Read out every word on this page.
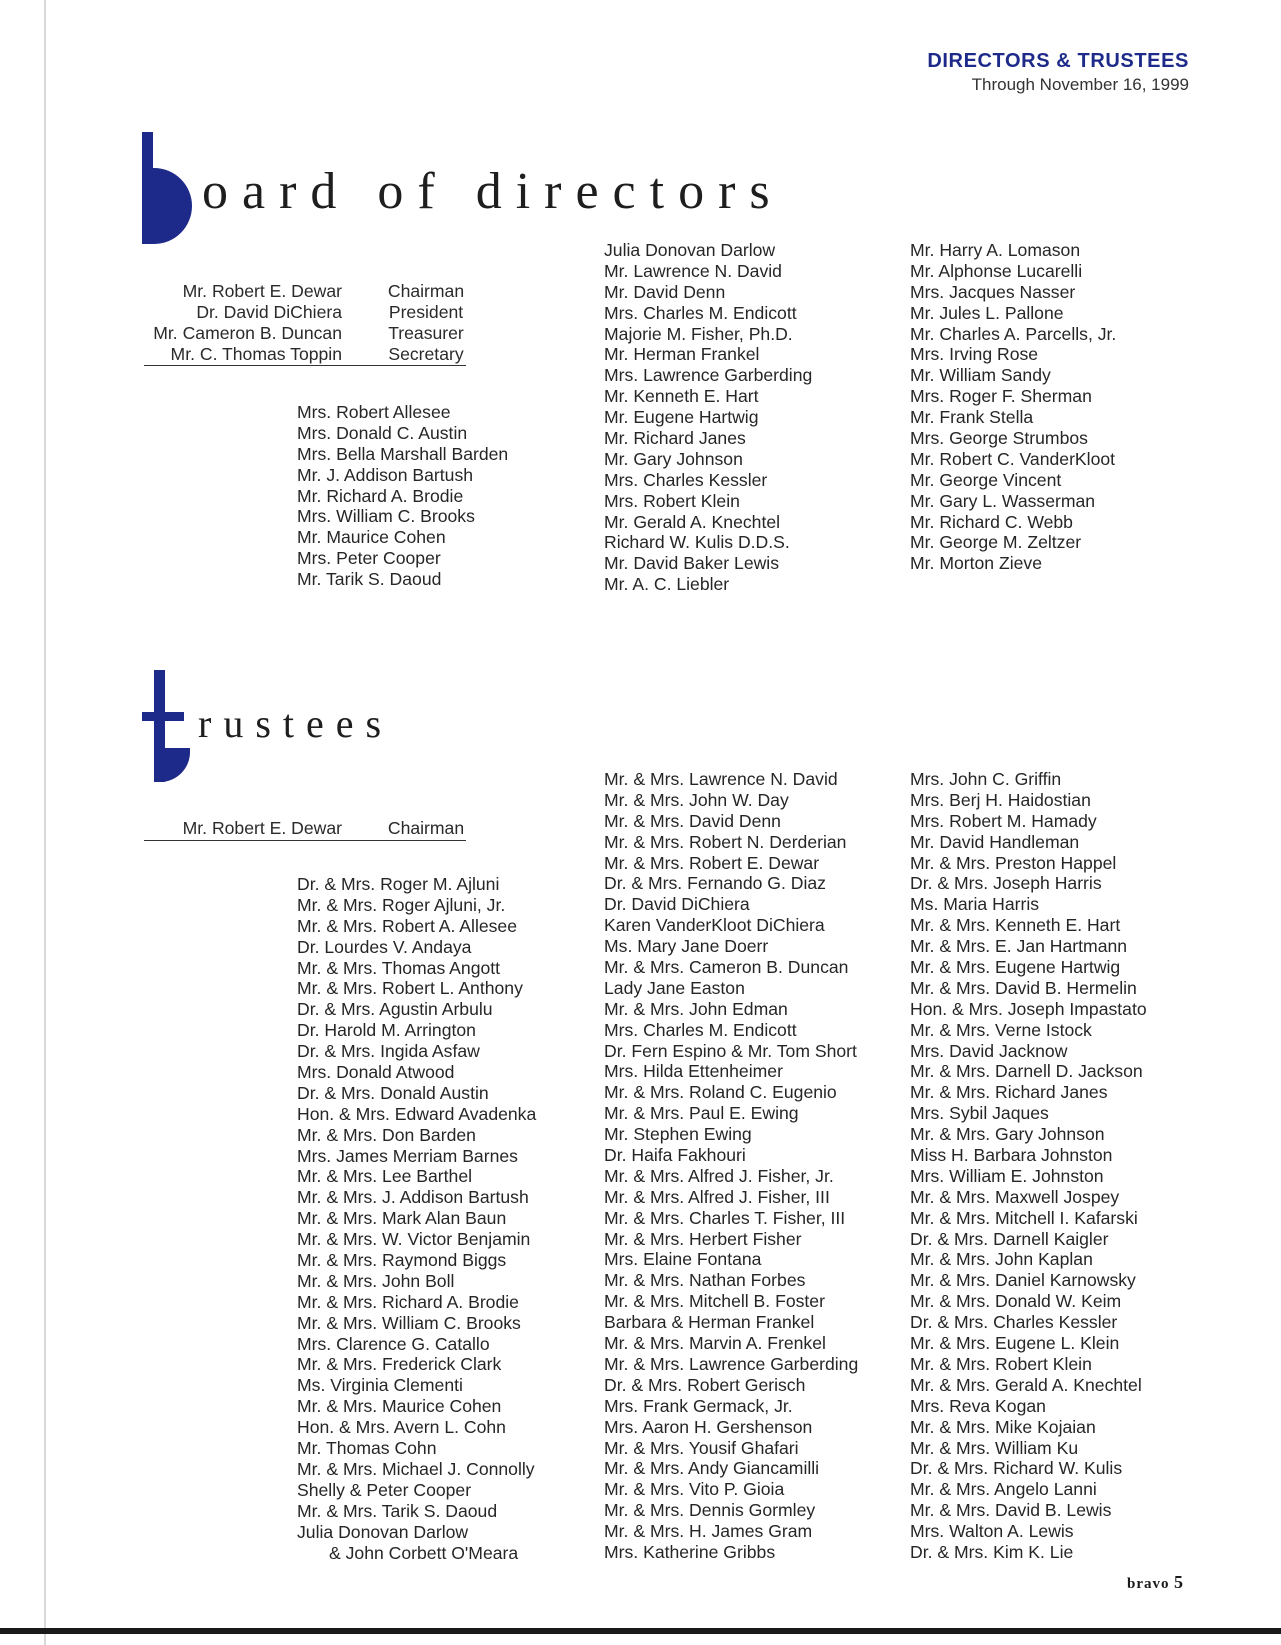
DIRECTORS & TRUSTEES
Through November 16, 1999
oard of directors
Mr. Robert E. Dewar	Chairman
Dr. David DiChiera	President
Mr. Cameron B. Duncan	Treasurer
Mr. C. Thomas Toppin	Secretary
Mrs. Robert Allesee
Mrs. Donald C. Austin
Mrs. Bella Marshall Barden
Mr. J. Addison Bartush
Mr. Richard A. Brodie
Mrs. William C. Brooks
Mr. Maurice Cohen
Mrs. Peter Cooper
Mr. Tarik S. Daoud
Julia Donovan Darlow
Mr. Lawrence N. David
Mr. David Denn
Mrs. Charles M. Endicott
Majorie M. Fisher, Ph.D.
Mr. Herman Frankel
Mrs. Lawrence Garberding
Mr. Kenneth E. Hart
Mr. Eugene Hartwig
Mr. Richard Janes
Mr. Gary Johnson
Mrs. Charles Kessler
Mrs. Robert Klein
Mr. Gerald A. Knechtel
Richard W. Kulis D.D.S.
Mr. David Baker Lewis
Mr. A. C. Liebler
Mr. Harry A. Lomason
Mr. Alphonse Lucarelli
Mrs. Jacques Nasser
Mr. Jules L. Pallone
Mr. Charles A. Parcells, Jr.
Mrs. Irving Rose
Mr. William Sandy
Mrs. Roger F. Sherman
Mr. Frank Stella
Mrs. George Strumbos
Mr. Robert C. VanderKloot
Mr. George Vincent
Mr. Gary L. Wasserman
Mr. Richard C. Webb
Mr. George M. Zeltzer
Mr. Morton Zieve
rustees
Mr. Robert E. Dewar	Chairman
Dr. & Mrs. Roger M. Ajluni
Mr. & Mrs. Roger Ajluni, Jr.
Mr. & Mrs. Robert A. Allesee
Dr. Lourdes V. Andaya
Mr. & Mrs. Thomas Angott
Mr. & Mrs. Robert L. Anthony
Dr. & Mrs. Agustin Arbulu
Dr. Harold M. Arrington
Dr. & Mrs. Ingida Asfaw
Mrs. Donald Atwood
Dr. & Mrs. Donald Austin
Hon. & Mrs. Edward Avadenka
Mr. & Mrs. Don Barden
Mrs. James Merriam Barnes
Mr. & Mrs. Lee Barthel
Mr. & Mrs. J. Addison Bartush
Mr. & Mrs. Mark Alan Baun
Mr. & Mrs. W. Victor Benjamin
Mr. & Mrs. Raymond Biggs
Mr. & Mrs. John Boll
Mr. & Mrs. Richard A. Brodie
Mr. & Mrs. William C. Brooks
Mrs. Clarence G. Catallo
Mr. & Mrs. Frederick Clark
Ms. Virginia Clementi
Mr. & Mrs. Maurice Cohen
Hon. & Mrs. Avern L. Cohn
Mr. Thomas Cohn
Mr. & Mrs. Michael J. Connolly
Shelly & Peter Cooper
Mr. & Mrs. Tarik S. Daoud
Julia Donovan Darlow
& John Corbett O'Meara
Mr. & Mrs. Lawrence N. David
Mr. & Mrs. John W. Day
Mr. & Mrs. David Denn
Mr. & Mrs. Robert N. Derderian
Mr. & Mrs. Robert E. Dewar
Dr. & Mrs. Fernando G. Diaz
Dr. David DiChiera
Karen VanderKloot DiChiera
Ms. Mary Jane Doerr
Mr. & Mrs. Cameron B. Duncan
Lady Jane Easton
Mr. & Mrs. John Edman
Mrs. Charles M. Endicott
Dr. Fern Espino & Mr. Tom Short
Mrs. Hilda Ettenheimer
Mr. & Mrs. Roland C. Eugenio
Mr. & Mrs. Paul E. Ewing
Mr. Stephen Ewing
Dr. Haifa Fakhouri
Mr. & Mrs. Alfred J. Fisher, Jr.
Mr. & Mrs. Alfred J. Fisher, III
Mr. & Mrs. Charles T. Fisher, III
Mr. & Mrs. Herbert Fisher
Mrs. Elaine Fontana
Mr. & Mrs. Nathan Forbes
Mr. & Mrs. Mitchell B. Foster
Barbara & Herman Frankel
Mr. & Mrs. Marvin A. Frenkel
Mr. & Mrs. Lawrence Garberding
Dr. & Mrs. Robert Gerisch
Mrs. Frank Germack, Jr.
Mrs. Aaron H. Gershenson
Mr. & Mrs. Yousif Ghafari
Mr. & Mrs. Andy Giancamilli
Mr. & Mrs. Vito P. Gioia
Mr. & Mrs. Dennis Gormley
Mr. & Mrs. H. James Gram
Mrs. Katherine Gribbs
Mrs. John C. Griffin
Mrs. Berj H. Haidostian
Mrs. Robert M. Hamady
Mr. David Handleman
Mr. & Mrs. Preston Happel
Dr. & Mrs. Joseph Harris
Ms. Maria Harris
Mr. & Mrs. Kenneth E. Hart
Mr. & Mrs. E. Jan Hartmann
Mr. & Mrs. Eugene Hartwig
Mr. & Mrs. David B. Hermelin
Hon. & Mrs. Joseph Impastato
Mr. & Mrs. Verne Istock
Mrs. David Jacknow
Mr. & Mrs. Darnell D. Jackson
Mr. & Mrs. Richard Janes
Mrs. Sybil Jaques
Mr. & Mrs. Gary Johnson
Miss H. Barbara Johnston
Mrs. William E. Johnston
Mr. & Mrs. Maxwell Jospey
Mr. & Mrs. Mitchell I. Kafarski
Dr. & Mrs. Darnell Kaigler
Mr. & Mrs. John Kaplan
Mr. & Mrs. Daniel Karnowsky
Mr. & Mrs. Donald W. Keim
Dr. & Mrs. Charles Kessler
Mr. & Mrs. Eugene L. Klein
Mr. & Mrs. Robert Klein
Mr. & Mrs. Gerald A. Knechtel
Mrs. Reva Kogan
Mr. & Mrs. Mike Kojaian
Mr. & Mrs. William Ku
Dr. & Mrs. Richard W. Kulis
Mr. & Mrs. Angelo Lanni
Mr. & Mrs. David B. Lewis
Mrs. Walton A. Lewis
Dr. & Mrs. Kim K. Lie
bravo 5
